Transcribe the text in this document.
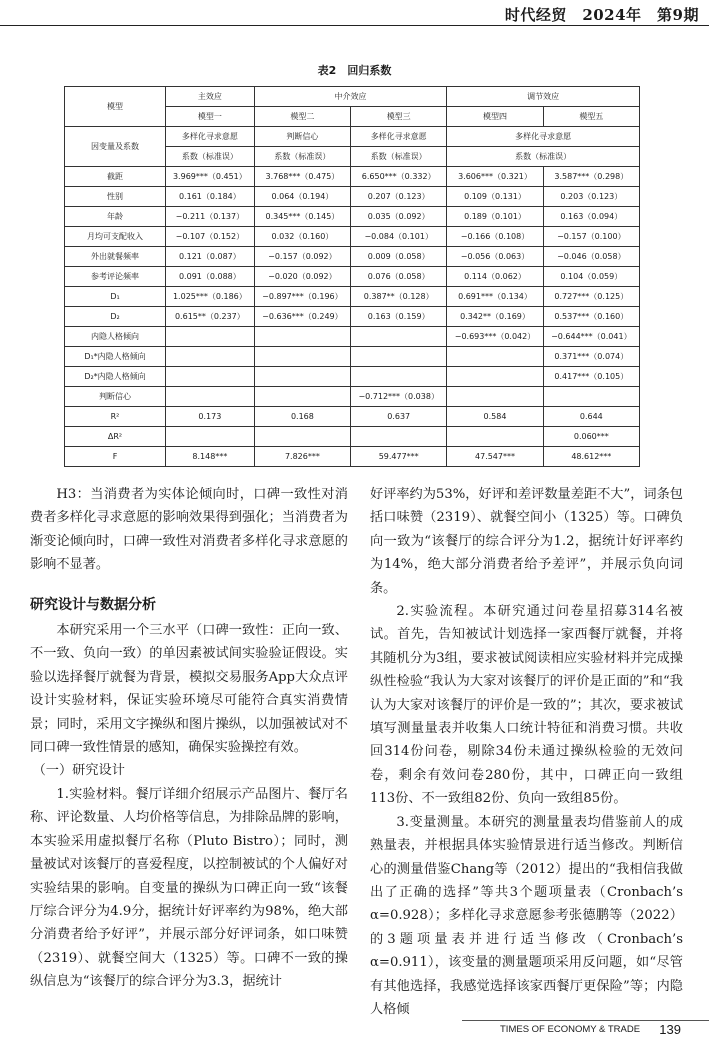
时代经贸　2024年　第9期
表2　回归系数
模型	主效应	中介效应		调节效应	
	模型一	模型二	模型三	模型四	模型五
因变量及系数	多样化寻求意愿	判断信心	多样化寻求意愿	多样化寻求意愿	
	系数（标准误）	系数（标准误）	系数（标准误）	系数（标准误）	
截距	3.969***（0.451）	3.768***（0.475）	6.650***（0.332）	3.606***（0.321）	3.587***（0.298）
性别	0.161（0.184）	0.064（0.194）	0.207（0.123）	0.109（0.131）	0.203（0.123）
年龄	−0.211（0.137）	0.345***（0.145）	0.035（0.092）	0.189（0.101）	0.163（0.094）
月均可支配收入	−0.107（0.152）	0.032（0.160）	−0.084（0.101）	−0.166（0.108）	−0.157（0.100）
外出就餐频率	0.121（0.087）	−0.157（0.092）	0.009（0.058）	−0.056（0.063）	−0.046（0.058）
参考评论频率	0.091（0.088）	−0.020（0.092）	0.076（0.058）	0.114（0.062）	0.104（0.059）
D₁	1.025***（0.186）	−0.897***（0.196）	0.387**（0.128）	0.691***（0.134）	0.727***（0.125）
D₂	0.615**（0.237）	−0.636***（0.249）	0.163（0.159）	0.342**（0.169）	0.537***（0.160）
内隐人格倾向				−0.693***（0.042）	−0.644***（0.041）
D₁*内隐人格倾向					0.371***（0.074）
D₂*内隐人格倾向					0.417***（0.105）
判断信心			−0.712***（0.038）		
R²	0.173	0.168	0.637	0.584	0.644
ΔR²					0.060***
F	8.148***	7.826***	59.477***	47.547***	48.612***

H3：当消费者为实体论倾向时，口碑一致性对消费者多样化寻求意愿的影响效果得到强化；当消费者为渐变论倾向时，口碑一致性对消费者多样化寻求意愿的影响不显著。

研究设计与数据分析

本研究采用一个三水平（口碑一致性：正向一致、不一致、负向一致）的单因素被试间实验验证假设。实验以选择餐厅就餐为背景，模拟交易服务App大众点评设计实验材料，保证实验环境尽可能符合真实消费情景；同时，采用文字操纵和图片操纵，以加强被试对不同口碑一致性情景的感知，确保实验操控有效。

（一）研究设计

1.实验材料。餐厅详细介绍展示产品图片、餐厅名称、评论数量、人均价格等信息，为排除品牌的影响，本实验采用虚拟餐厅名称（Pluto Bistro）；同时，测量被试对该餐厅的喜爱程度，以控制被试的个人偏好对实验结果的影响。自变量的操纵为口碑正向一致“该餐厅综合评分为4.9分，据统计好评率约为98%，绝大部分消费者给予好评”，并展示部分好评词条，如口味赞（2319）、就餐空间大（1325）等。口碑不一致的操纵信息为“该餐厅的综合评分为3.3，据统计

好评率约为53%，好评和差评数量差距不大”，词条包括口味赞（2319）、就餐空间小（1325）等。口碑负向一致为“该餐厅的综合评分为1.2，据统计好评率约为14%，绝大部分消费者给予差评”，并展示负向词条。

2.实验流程。本研究通过问卷星招募314名被试。首先，告知被试计划选择一家西餐厅就餐，并将其随机分为3组，要求被试阅读相应实验材料并完成操纵性检验“我认为大家对该餐厅的评价是正面的”和“我认为大家对该餐厅的评价是一致的”；其次，要求被试填写测量量表并收集人口统计特征和消费习惯。共收回314份问卷，剔除34份未通过操纵检验的无效问卷，剩余有效问卷280份，其中，口碑正向一致组113份、不一致组82份、负向一致组85份。

3.变量测量。本研究的测量量表均借鉴前人的成熟量表，并根据具体实验情景进行适当修改。判断信心的测量借鉴Chang等（2012）提出的“我相信我做出了正确的选择”等共3个题项量表（Cronbach’s α=0.928）；多样化寻求意愿参考张德鹏等（2022）的3题项量表并进行适当修改（Cronbach’s α=0.911），该变量的测量题项采用反问题，如“尽管有其他选择，我感觉选择该家西餐厅更保险”等；内隐人格倾

TIMES OF ECONOMY & TRADE 139
